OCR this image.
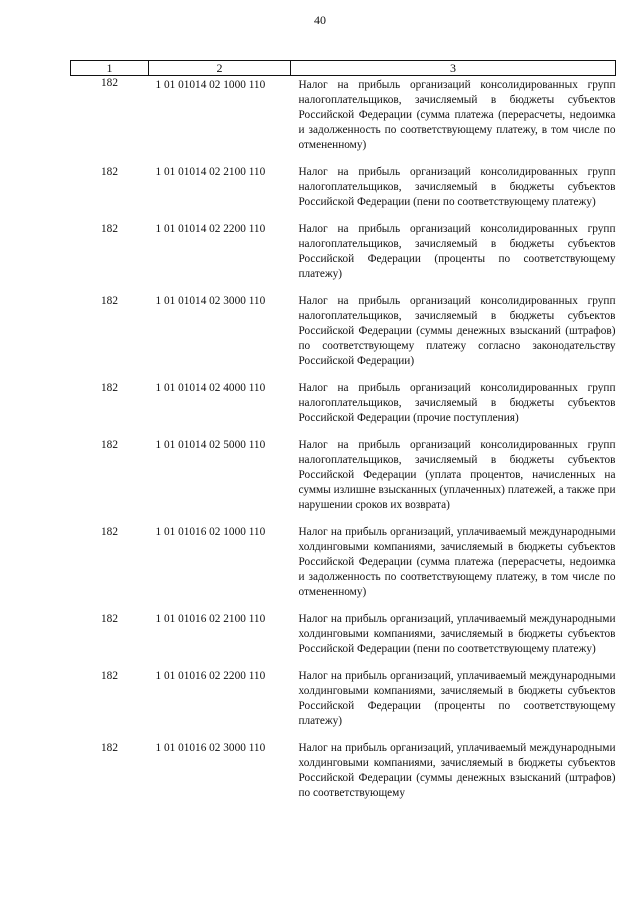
40
1	2	3
182	1 01 01014 02 1000 110	Налог на прибыль организаций консолидированных групп налогоплательщиков, зачисляемый в бюджеты субъектов Российской Федерации (сумма платежа (перерасчеты, недоимка и задолженность по соответствующему платежу, в том числе по отмененному)
182	1 01 01014 02 2100 110	Налог на прибыль организаций консолидированных групп налогоплательщиков, зачисляемый в бюджеты субъектов Российской Федерации (пени по соответствующему платежу)
182	1 01 01014 02 2200 110	Налог на прибыль организаций консолидированных групп налогоплательщиков, зачисляемый в бюджеты субъектов Российской Федерации (проценты по соответствующему платежу)
182	1 01 01014 02 3000 110	Налог на прибыль организаций консолидированных групп налогоплательщиков, зачисляемый в бюджеты субъектов Российской Федерации (суммы денежных взысканий (штрафов) по соответствующему платежу согласно законодательству Российской Федерации)
182	1 01 01014 02 4000 110	Налог на прибыль организаций консолидированных групп налогоплательщиков, зачисляемый в бюджеты субъектов Российской Федерации (прочие поступления)
182	1 01 01014 02 5000 110	Налог на прибыль организаций консолидированных групп налогоплательщиков, зачисляемый в бюджеты субъектов Российской Федерации (уплата процентов, начисленных на суммы излишне взысканных (уплаченных) платежей, а также при нарушении сроков их возврата)
182	1 01 01016 02 1000 110	Налог на прибыль организаций, уплачиваемый международными холдинговыми компаниями, зачисляемый в бюджеты субъектов Российской Федерации (сумма платежа (перерасчеты, недоимка и задолженность по соответствующему платежу, в том числе по отмененному)
182	1 01 01016 02 2100 110	Налог на прибыль организаций, уплачиваемый международными холдинговыми компаниями, зачисляемый в бюджеты субъектов Российской Федерации (пени по соответствующему платежу)
182	1 01 01016 02 2200 110	Налог на прибыль организаций, уплачиваемый международными холдинговыми компаниями, зачисляемый в бюджеты субъектов Российской Федерации (проценты по соответствующему платежу)
182	1 01 01016 02 3000 110	Налог на прибыль организаций, уплачиваемый международными холдинговыми компаниями, зачисляемый в бюджеты субъектов Российской Федерации (суммы денежных взысканий (штрафов) по соответствующему
